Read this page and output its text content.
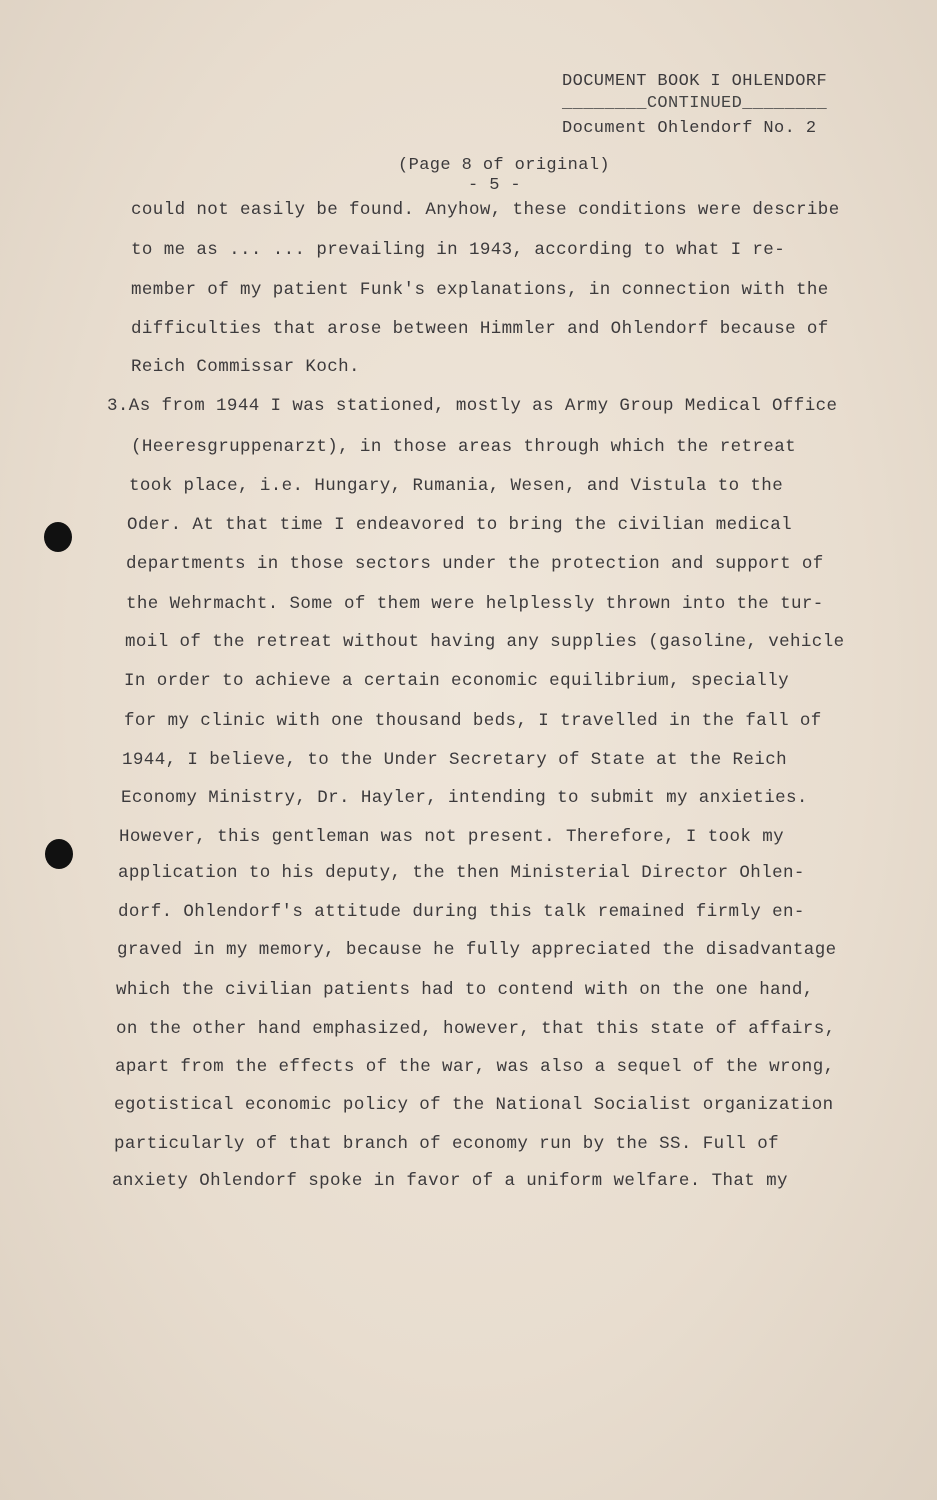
DOCUMENT BOOK I OHLENDORF
________CONTINUED________
Document Ohlendorf No. 2
(Page 8 of original)
- 5 -
could not easily be found. Anyhow, these conditions were describe
to me as ... ... prevailing in 1943, according to what I re-
member of my patient Funk's explanations, in connection with the
difficulties that arose between Himmler and Ohlendorf because of
Reich Commissar Koch.
3.As from 1944 I was stationed, mostly as Army Group Medical Office
(Heeresgruppenarzt), in those areas through which the retreat
took place, i.e. Hungary, Rumania, Wesen, and Vistula to the
Oder. At that time I endeavored to bring the civilian medical
departments in those sectors under the protection and support of
the Wehrmacht. Some of them were helplessly thrown into the tur-
moil of the retreat without having any supplies (gasoline, vehicle
In order to achieve a certain economic equilibrium, specially
for my clinic with one thousand beds, I travelled in the fall of
1944, I believe, to the Under Secretary of State at the Reich
Economy Ministry, Dr. Hayler, intending to submit my anxieties.
However, this gentleman was not present. Therefore, I took my
application to his deputy, the then Ministerial Director Ohlen-
dorf. Ohlendorf's attitude during this talk remained firmly en-
graved in my memory, because he fully appreciated the disadvantage
which the civilian patients had to contend with on the one hand,
on the other hand emphasized, however, that this state of affairs,
apart from the effects of the war, was also a sequel of the wrong,
egotistical economic policy of the National Socialist organization
particularly of that branch of economy run by the SS. Full of
anxiety Ohlendorf spoke in favor of a uniform welfare. That my
